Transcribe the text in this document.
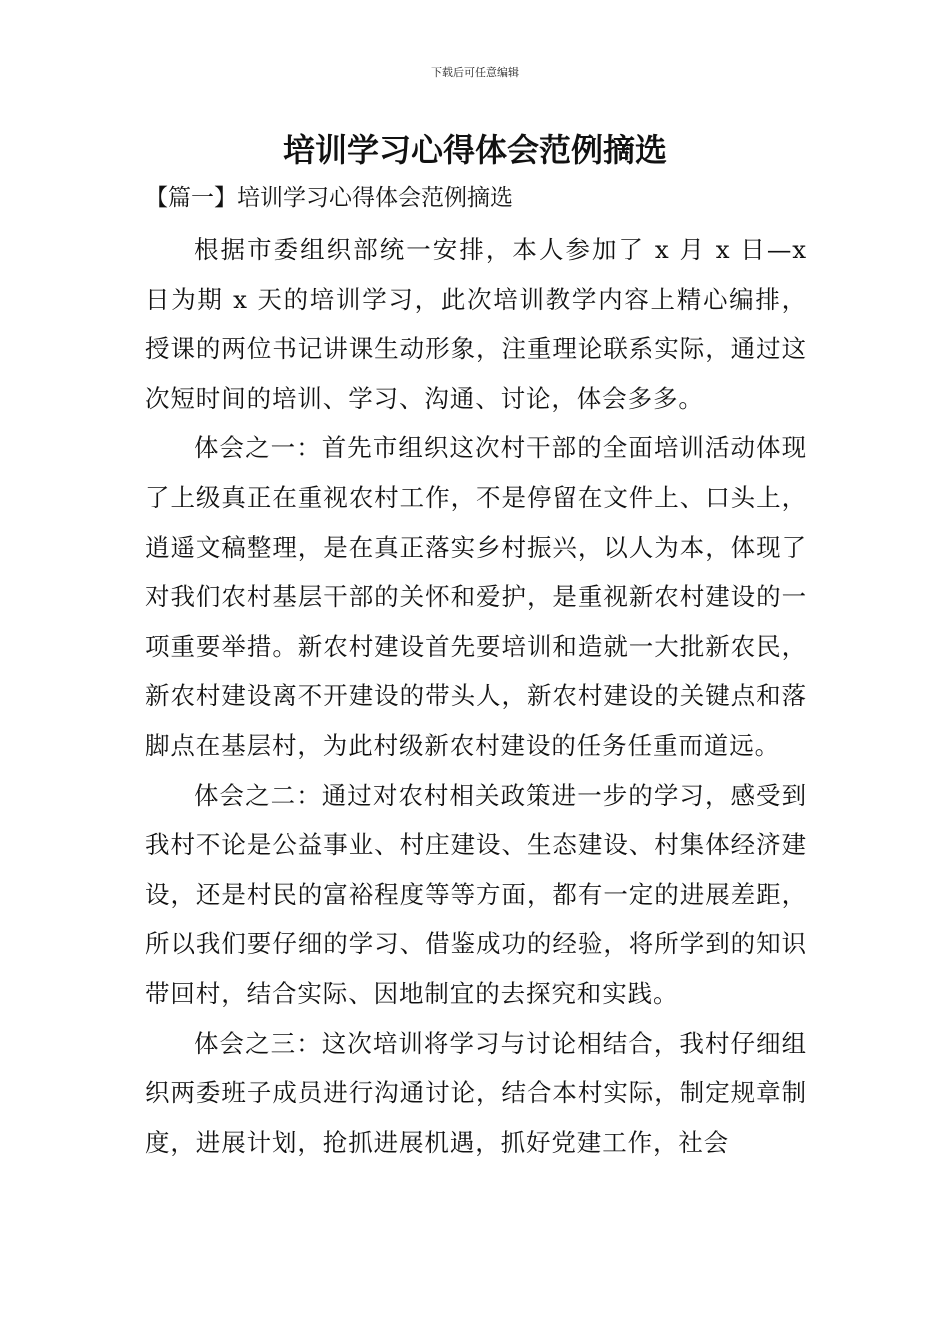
下载后可任意编辑
培训学习心得体会范例摘选
【篇一】培训学习心得体会范例摘选

根据市委组织部统一安排，本人参加了 x 月 x 日—x 日为期 x 天的培训学习，此次培训教学内容上精心编排，授课的两位书记讲课生动形象，注重理论联系实际，通过这次短时间的培训、学习、沟通、讨论，体会多多。

体会之一：首先市组织这次村干部的全面培训活动体现了上级真正在重视农村工作，不是停留在文件上、口头上，逍遥文稿整理，是在真正落实乡村振兴，以人为本，体现了对我们农村基层干部的关怀和爱护，是重视新农村建设的一项重要举措。新农村建设首先要培训和造就一大批新农民，新农村建设离不开建设的带头人，新农村建设的关键点和落脚点在基层村，为此村级新农村建设的任务任重而道远。

体会之二：通过对农村相关政策进一步的学习，感受到我村不论是公益事业、村庄建设、生态建设、村集体经济建设，还是村民的富裕程度等等方面，都有一定的进展差距，所以我们要仔细的学习、借鉴成功的经验，将所学到的知识带回村，结合实际、因地制宜的去探究和实践。

体会之三：这次培训将学习与讨论相结合，我村仔细组织两委班子成员进行沟通讨论，结合本村实际，制定规章制度，进展计划，抢抓进展机遇，抓好党建工作，社会
